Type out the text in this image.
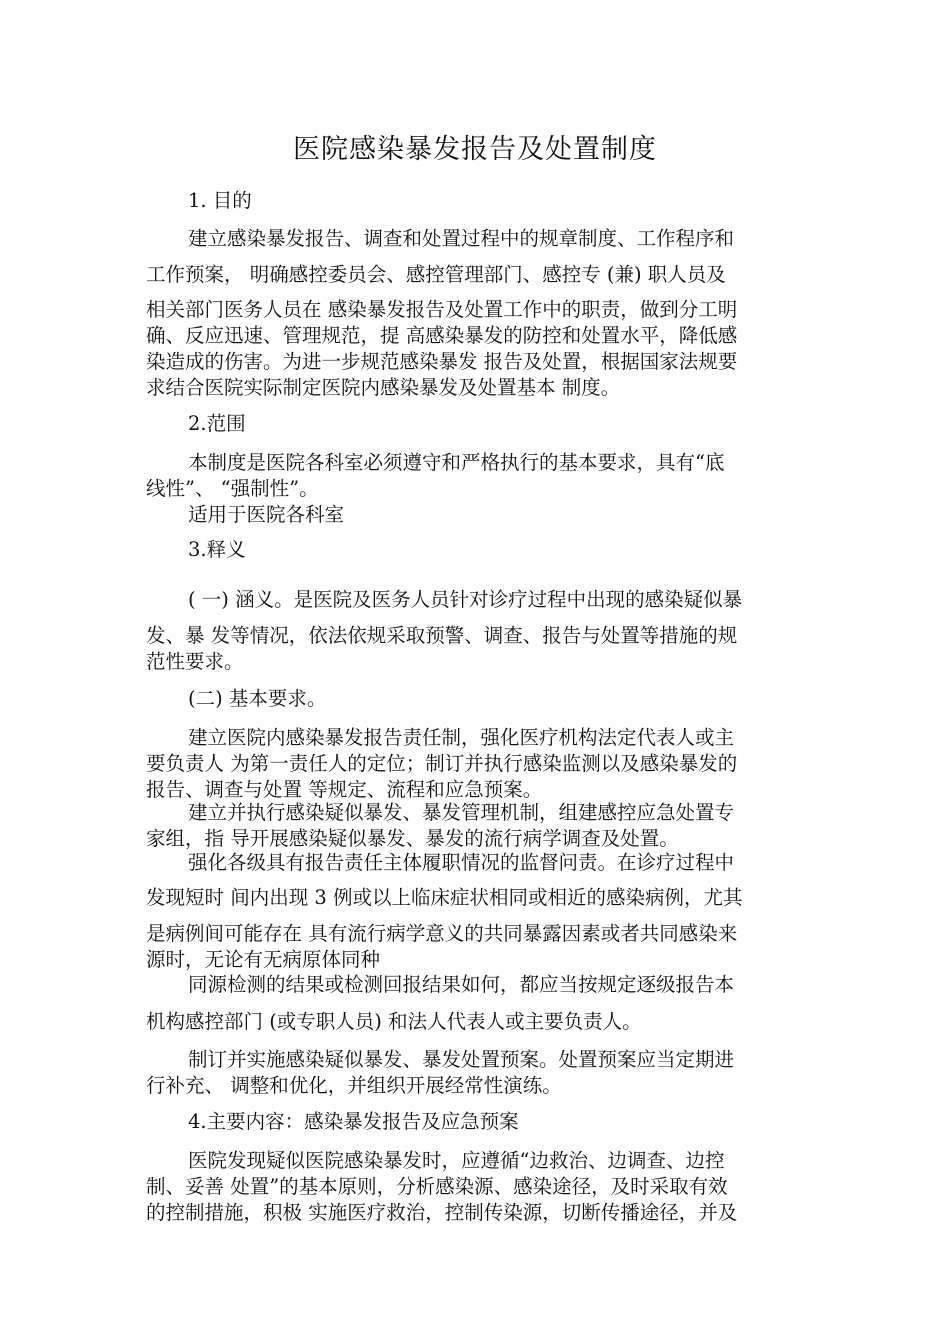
医院感染暴发报告及处置制度
1. 目的
建立感染暴发报告、调查和处置过程中的规章制度、工作程序和
工作预案， 明确感控委员会、感控管理部门、感控专 (兼) 职人员及
相关部门医务人员在 感染暴发报告及处置工作中的职责，做到分工明
确、反应迅速、管理规范，提 高感染暴发的防控和处置水平，降低感
染造成的伤害。为进一步规范感染暴发 报告及处置，根据国家法规要
求结合医院实际制定医院内感染暴发及处置基本 制度。
2.范围
本制度是医院各科室必须遵守和严格执行的基本要求，具有“底
线性”、 “强制性”。
适用于医院各科室
3.释义
( 一) 涵义。是医院及医务人员针对诊疗过程中出现的感染疑似暴
发、暴 发等情况，依法依规采取预警、调查、报告与处置等措施的规
范性要求。
(二) 基本要求。
建立医院内感染暴发报告责任制，强化医疗机构法定代表人或主
要负责人 为第一责任人的定位；制订并执行感染监测以及感染暴发的
报告、调查与处置 等规定、流程和应急预案。
建立并执行感染疑似暴发、暴发管理机制，组建感控应急处置专
家组，指 导开展感染疑似暴发、暴发的流行病学调查及处置。
强化各级具有报告责任主体履职情况的监督问责。在诊疗过程中
发现短时 间内出现 3 例或以上临床症状相同或相近的感染病例，尤其
是病例间可能存在 具有流行病学意义的共同暴露因素或者共同感染来
源时，无论有无病原体同种
同源检测的结果或检测回报结果如何，都应当按规定逐级报告本
机构感控部门 (或专职人员) 和法人代表人或主要负责人。
制订并实施感染疑似暴发、暴发处置预案。处置预案应当定期进
行补充、 调整和优化，并组织开展经常性演练。
4.主要内容：感染暴发报告及应急预案
医院发现疑似医院感染暴发时，应遵循“边救治、边调查、边控
制、妥善 处置”的基本原则，分析感染源、感染途径，及时采取有效
的控制措施，积极 实施医疗救治，控制传染源，切断传播途径，并及
